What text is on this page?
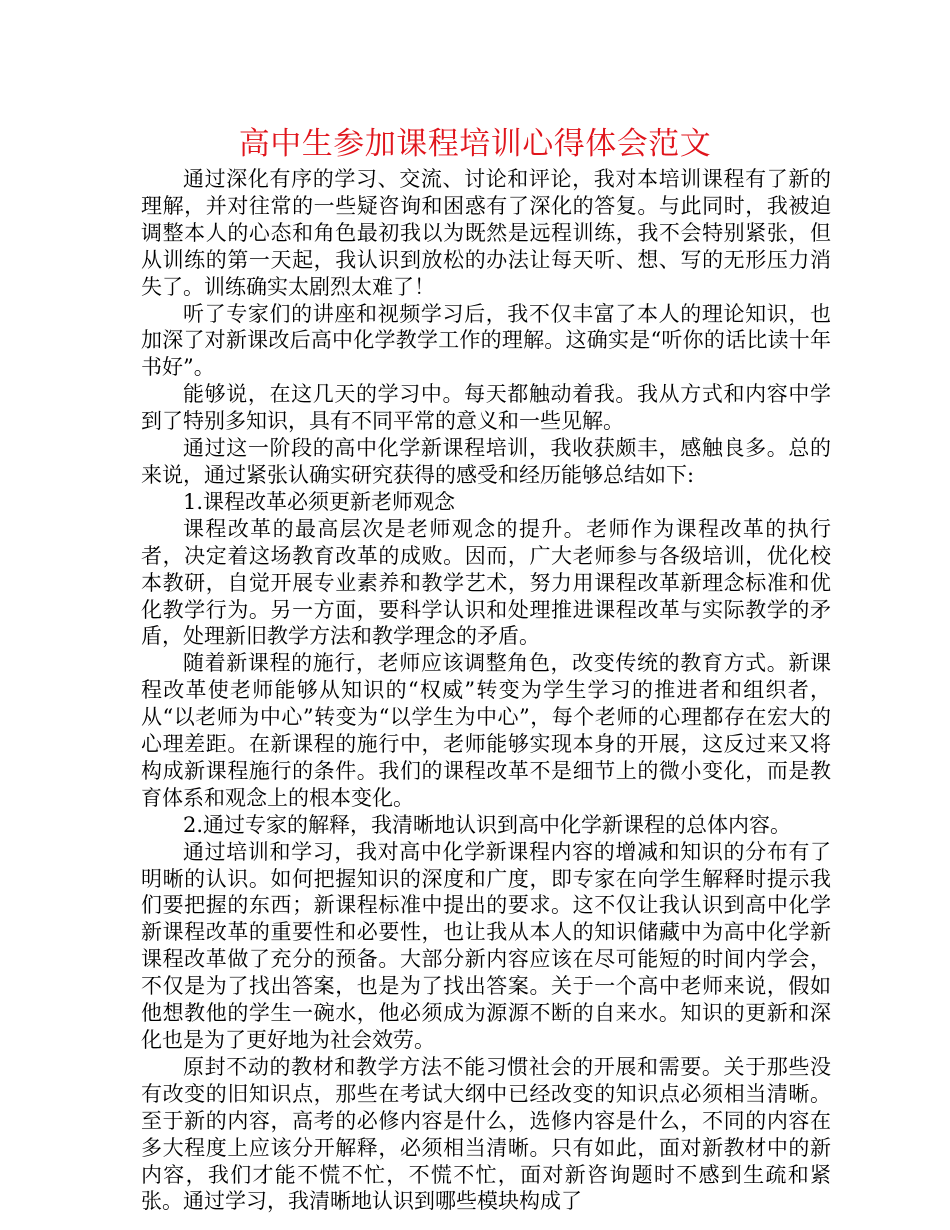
高中生参加课程培训心得体会范文

通过深化有序的学习、交流、讨论和评论，我对本培训课程有了新的理解，并对往常的一些疑咨询和困惑有了深化的答复。与此同时，我被迫调整本人的心态和角色最初我以为既然是远程训练，我不会特别紧张，但从训练的第一天起，我认识到放松的办法让每天听、想、写的无形压力消失了。训练确实太剧烈太难了！

听了专家们的讲座和视频学习后，我不仅丰富了本人的理论知识，也加深了对新课改后高中化学教学工作的理解。这确实是“听你的话比读十年书好”。

能够说，在这几天的学习中。每天都触动着我。我从方式和内容中学到了特别多知识，具有不同平常的意义和一些见解。

通过这一阶段的高中化学新课程培训，我收获颇丰，感触良多。总的来说，通过紧张认确实研究获得的感受和经历能够总结如下:

1.课程改革必须更新老师观念

课程改革的最高层次是老师观念的提升。老师作为课程改革的执行者，决定着这场教育改革的成败。因而，广大老师参与各级培训，优化校本教研，自觉开展专业素养和教学艺术，努力用课程改革新理念标准和优化教学行为。另一方面，要科学认识和处理推进课程改革与实际教学的矛盾，处理新旧教学方法和教学理念的矛盾。

随着新课程的施行，老师应该调整角色，改变传统的教育方式。新课程改革使老师能够从知识的“权威”转变为学生学习的推进者和组织者，从“以老师为中心”转变为“以学生为中心”，每个老师的心理都存在宏大的心理差距。在新课程的施行中，老师能够实现本身的开展，这反过来又将构成新课程施行的条件。我们的课程改革不是细节上的微小变化，而是教育体系和观念上的根本变化。

2.通过专家的解释，我清晰地认识到高中化学新课程的总体内容。

通过培训和学习，我对高中化学新课程内容的增减和知识的分布有了明晰的认识。如何把握知识的深度和广度，即专家在向学生解释时提示我们要把握的东西；新课程标准中提出的要求。这不仅让我认识到高中化学新课程改革的重要性和必要性，也让我从本人的知识储藏中为高中化学新课程改革做了充分的预备。大部分新内容应该在尽可能短的时间内学会，不仅是为了找出答案，也是为了找出答案。关于一个高中老师来说，假如他想教他的学生一碗水，他必须成为源源不断的自来水。知识的更新和深化也是为了更好地为社会效劳。

原封不动的教材和教学方法不能习惯社会的开展和需要。关于那些没有改变的旧知识点，那些在考试大纲中已经改变的知识点必须相当清晰。至于新的内容，高考的必修内容是什么，选修内容是什么，不同的内容在多大程度上应该分开解释，必须相当清晰。只有如此，面对新教材中的新内容，我们才能不慌不忙，不慌不忙，面对新咨询题时不感到生疏和紧张。通过学习，我清晰地认识到哪些模块构成了
